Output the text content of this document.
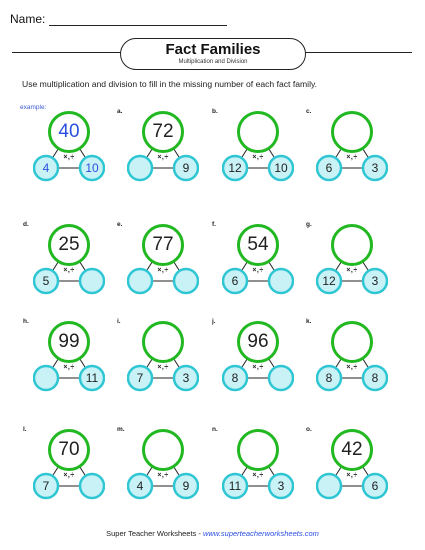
Name:
Fact Families
Multiplication and Division
Use multiplication and division to fill in the missing number of each fact family.
example:
40
4	10
×,÷
a.
72
9
×,÷
b.
12	10
×,÷
c.
6	3
×,÷
d.
25
5
×,÷
e.
77
×,÷
f.
54
6
×,÷
g.
12	3
×,÷
h.
99
11
×,÷
i.
7	3
×,÷
j.
96
8
×,÷
k.
8	8
×,÷
l.
70
7
×,÷
m.
4	9
×,÷
n.
11	3
×,÷
o.
42
6
×,÷
Super Teacher Worksheets - www.superteacherworksheets.com
